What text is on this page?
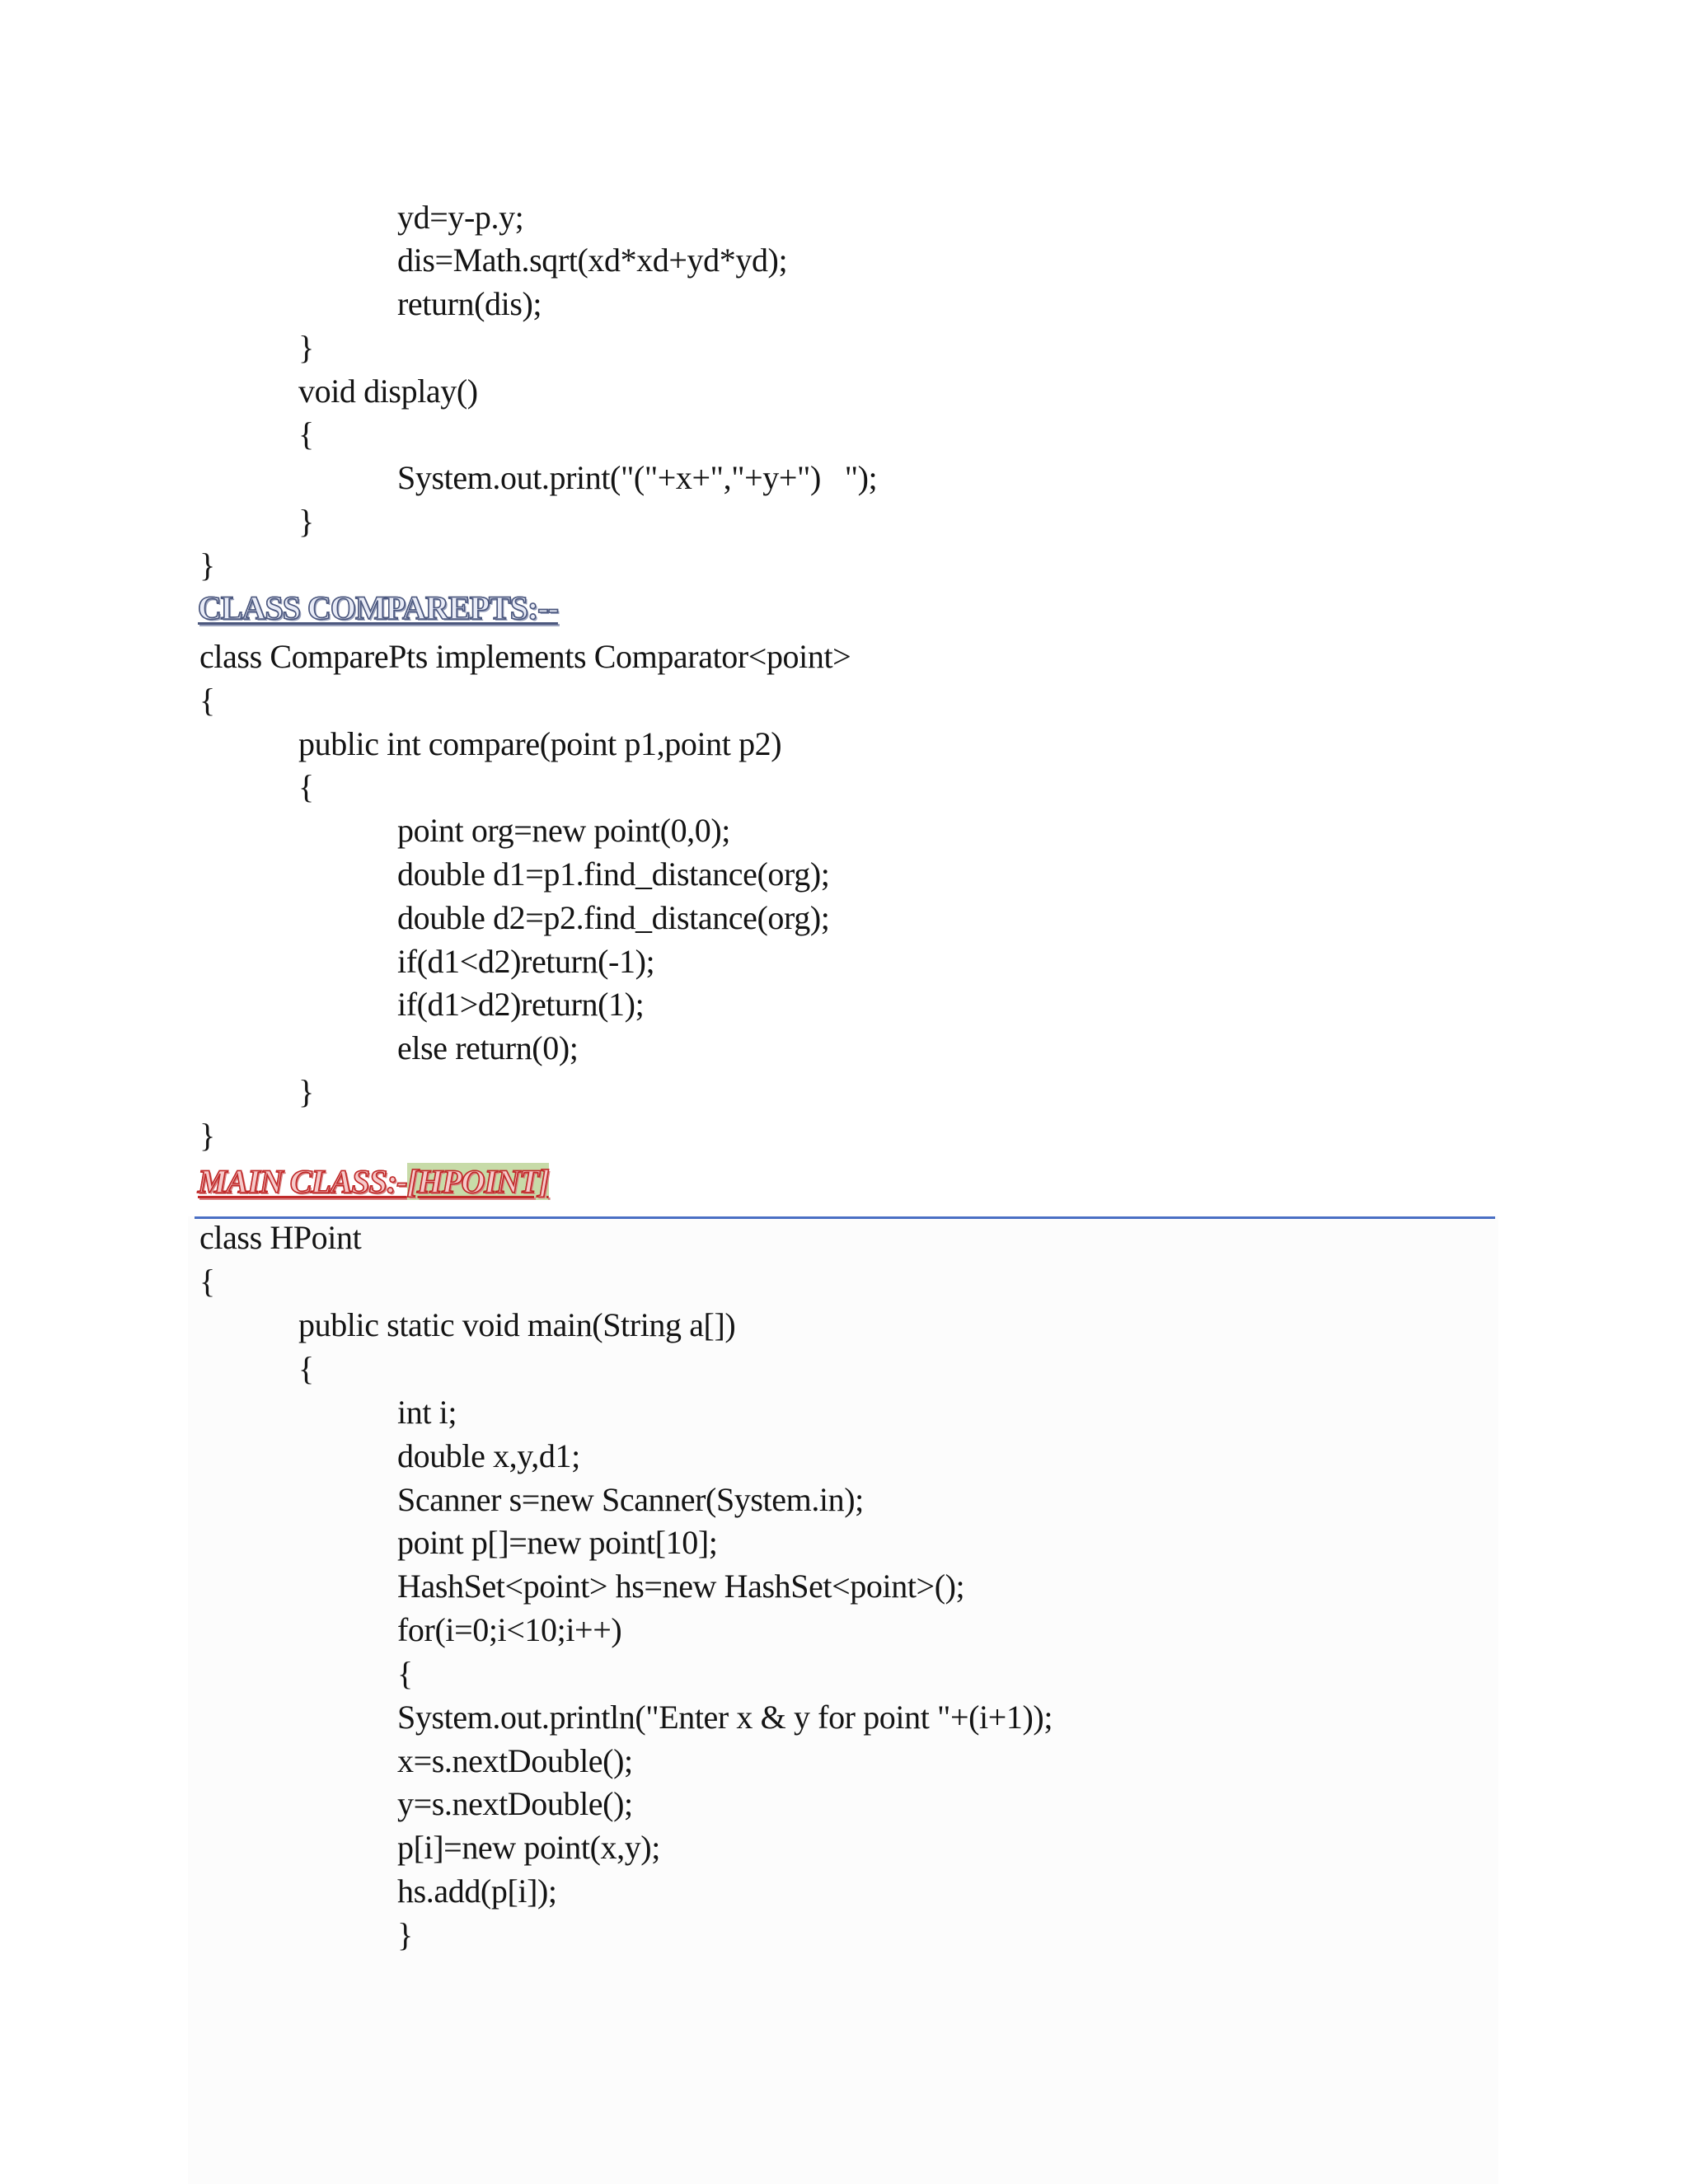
yd=y-p.y;
dis=Math.sqrt(xd*xd+yd*yd);
return(dis);
}
void display()
{
System.out.print("("+x+","+y+")   ");
}
}
CLASS COMPAREPTS:--
class ComparePts implements Comparator<point>
{
public int compare(point p1,point p2)
{
point org=new point(0,0);
double d1=p1.find_distance(org);
double d2=p2.find_distance(org);
if(d1<d2)return(-1);
if(d1>d2)return(1);
else return(0);
}
}
MAIN CLASS:-[HPOINT]
class HPoint
{
public static void main(String a[])
{
int i;
double x,y,d1;
Scanner s=new Scanner(System.in);
point p[]=new point[10];
HashSet<point> hs=new HashSet<point>();
for(i=0;i<10;i++)
{
System.out.println("Enter x & y for point "+(i+1));
x=s.nextDouble();
y=s.nextDouble();
p[i]=new point(x,y);
hs.add(p[i]);
}
